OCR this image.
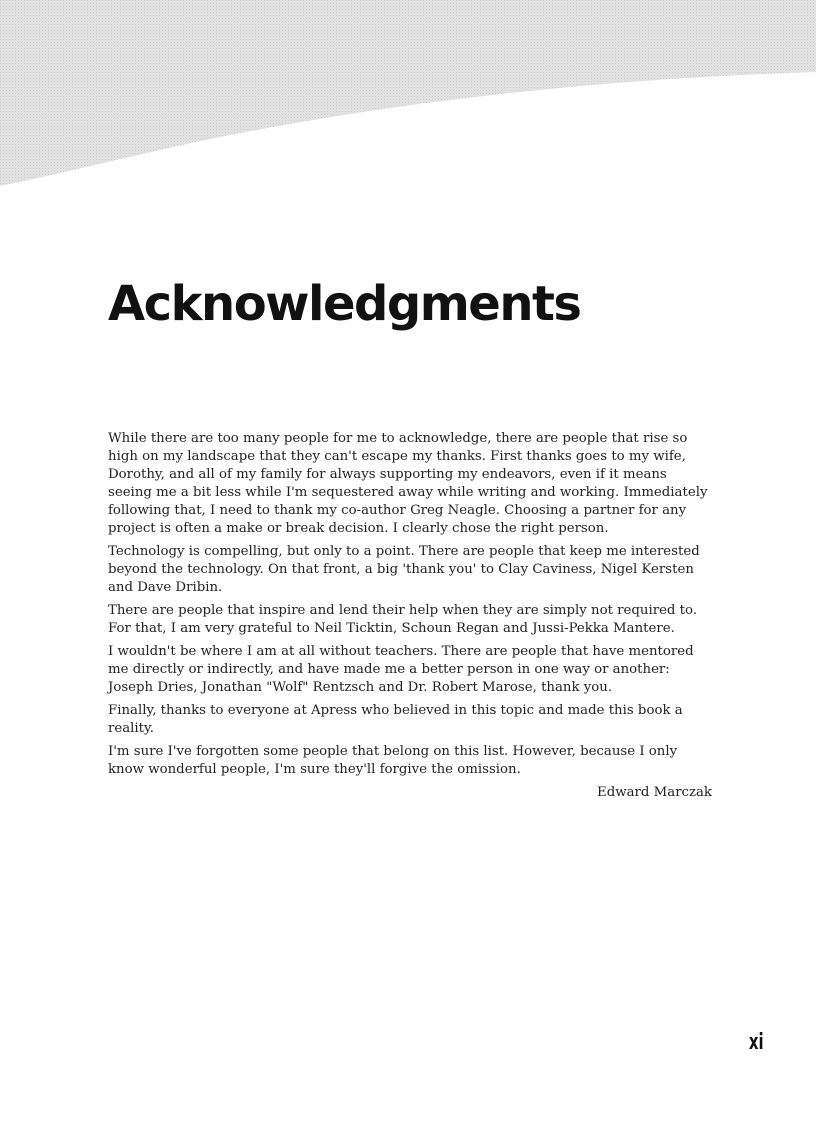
Acknowledgments

While there are too many people for me to acknowledge, there are people that rise so high on my landscape that they can't escape my thanks. First thanks goes to my wife, Dorothy, and all of my family for always supporting my endeavors, even if it means seeing me a bit less while I'm sequestered away while writing and working. Immediately following that, I need to thank my co-author Greg Neagle. Choosing a partner for any project is often a make or break decision. I clearly chose the right person.

Technology is compelling, but only to a point. There are people that keep me interested beyond the technology. On that front, a big 'thank you' to Clay Caviness, Nigel Kersten and Dave Dribin.

There are people that inspire and lend their help when they are simply not required to. For that, I am very grateful to Neil Ticktin, Schoun Regan and Jussi-Pekka Mantere.

I wouldn't be where I am at all without teachers. There are people that have mentored me directly or indirectly, and have made me a better person in one way or another: Joseph Dries, Jonathan "Wolf" Rentzsch and Dr. Robert Marose, thank you.

Finally, thanks to everyone at Apress who believed in this topic and made this book a reality.

I'm sure I've forgotten some people that belong on this list. However, because I only know wonderful people, I'm sure they'll forgive the omission.

Edward Marczak

xi
